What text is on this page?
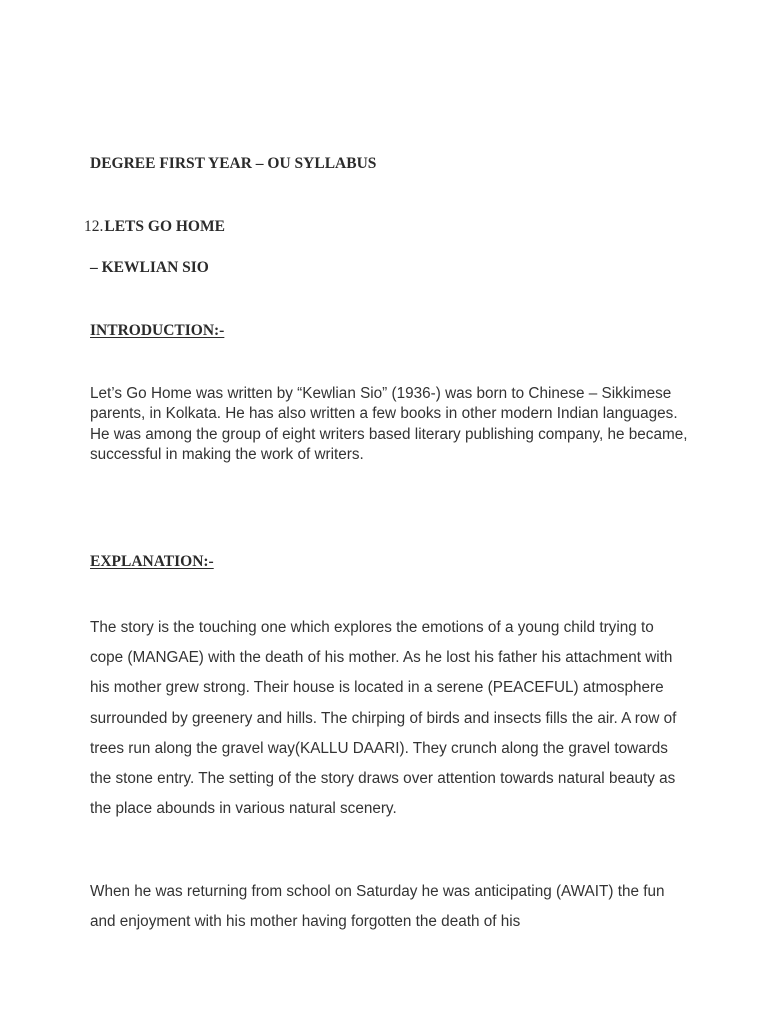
DEGREE FIRST YEAR – OU SYLLABUS
12.LETS GO HOME
– KEWLIAN SIO
INTRODUCTION:-

Let’s Go Home was written by “Kewlian Sio” (1936-) was born to Chinese – Sikkimese parents, in Kolkata. He has also written a few books in other modern Indian languages. He was among the group of eight writers based literary publishing company, he became, successful in making the work of writers.

EXPLANATION:-

The story is the touching one which explores the emotions of a young child trying to cope (MANGAE) with the death of his mother. As he lost his father his attachment with his mother grew strong. Their house is located in a serene (PEACEFUL) atmosphere surrounded by greenery and hills. The chirping of birds and insects fills the air. A row of trees run along the gravel way(KALLU DAARI). They crunch along the gravel towards the stone entry. The setting of the story draws over attention towards natural beauty as the place abounds in various natural scenery.

When he was returning from school on Saturday he was anticipating (AWAIT) the fun and enjoyment with his mother having forgotten the death of his
